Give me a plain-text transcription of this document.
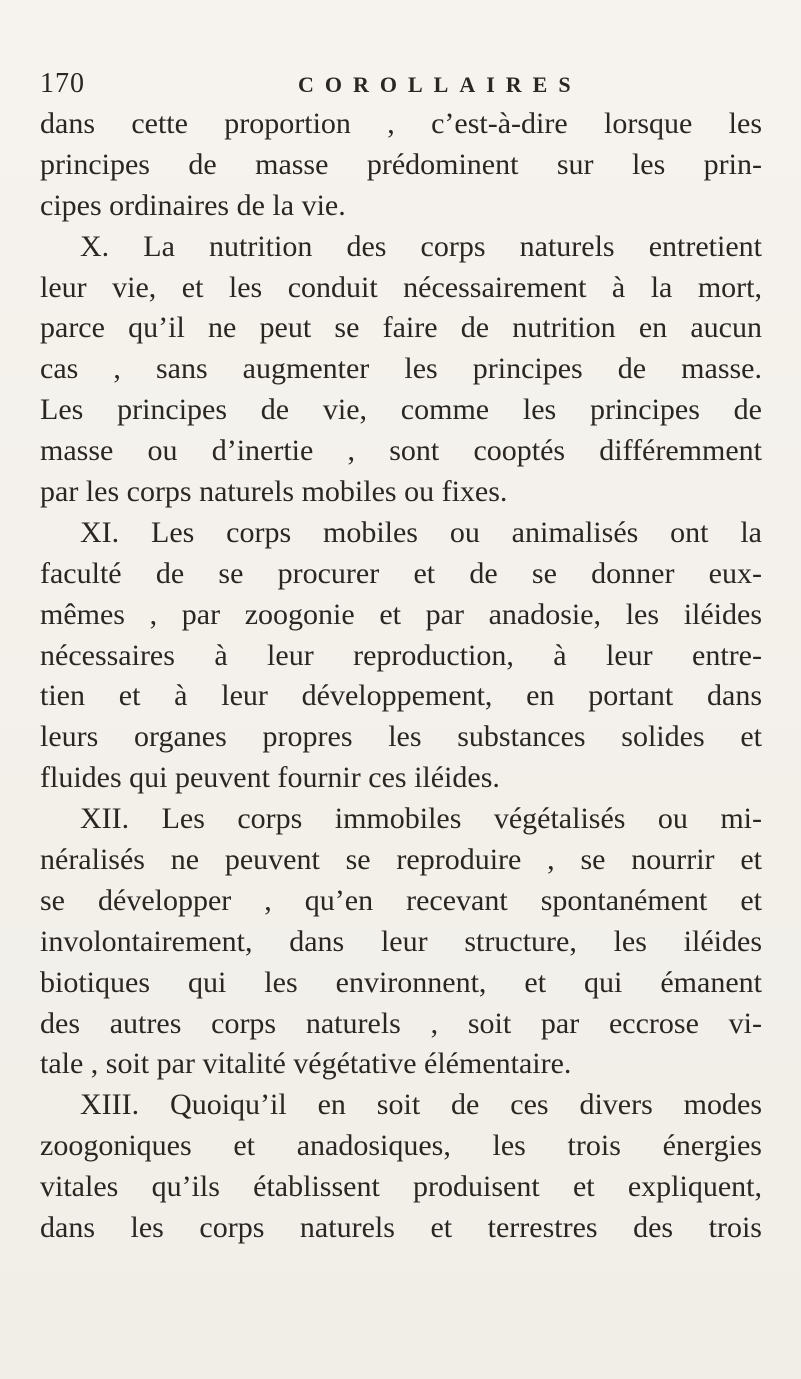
170	COROLLAIRES
dans cette proportion , c’est-à-dire lorsque les
principes de masse prédominent sur les prin-
cipes ordinaires de la vie.
X. La nutrition des corps naturels entretient
leur vie, et les conduit nécessairement à la mort,
parce qu’il ne peut se faire de nutrition en aucun
cas , sans augmenter les principes de masse.
Les principes de vie, comme les principes de
masse ou d’inertie , sont cooptés différemment
par les corps naturels mobiles ou fixes.
XI. Les corps mobiles ou animalisés ont la
faculté de se procurer et de se donner eux-
mêmes , par zoogonie et par anadosie, les iléides
nécessaires à leur reproduction, à leur entre-
tien et à leur développement, en portant dans
leurs organes propres les substances solides et
fluides qui peuvent fournir ces iléides.
XII. Les corps immobiles végétalisés ou mi-
néralisés ne peuvent se reproduire , se nourrir et
se développer , qu’en recevant spontanément et
involontairement, dans leur structure, les iléides
biotiques qui les environnent, et qui émanent
des autres corps naturels , soit par eccrose vi-
tale , soit par vitalité végétative élémentaire.
XIII. Quoiqu’il en soit de ces divers modes
zoogoniques et anadosiques, les trois énergies
vitales qu’ils établissent produisent et expliquent,
dans les corps naturels et terrestres des trois
